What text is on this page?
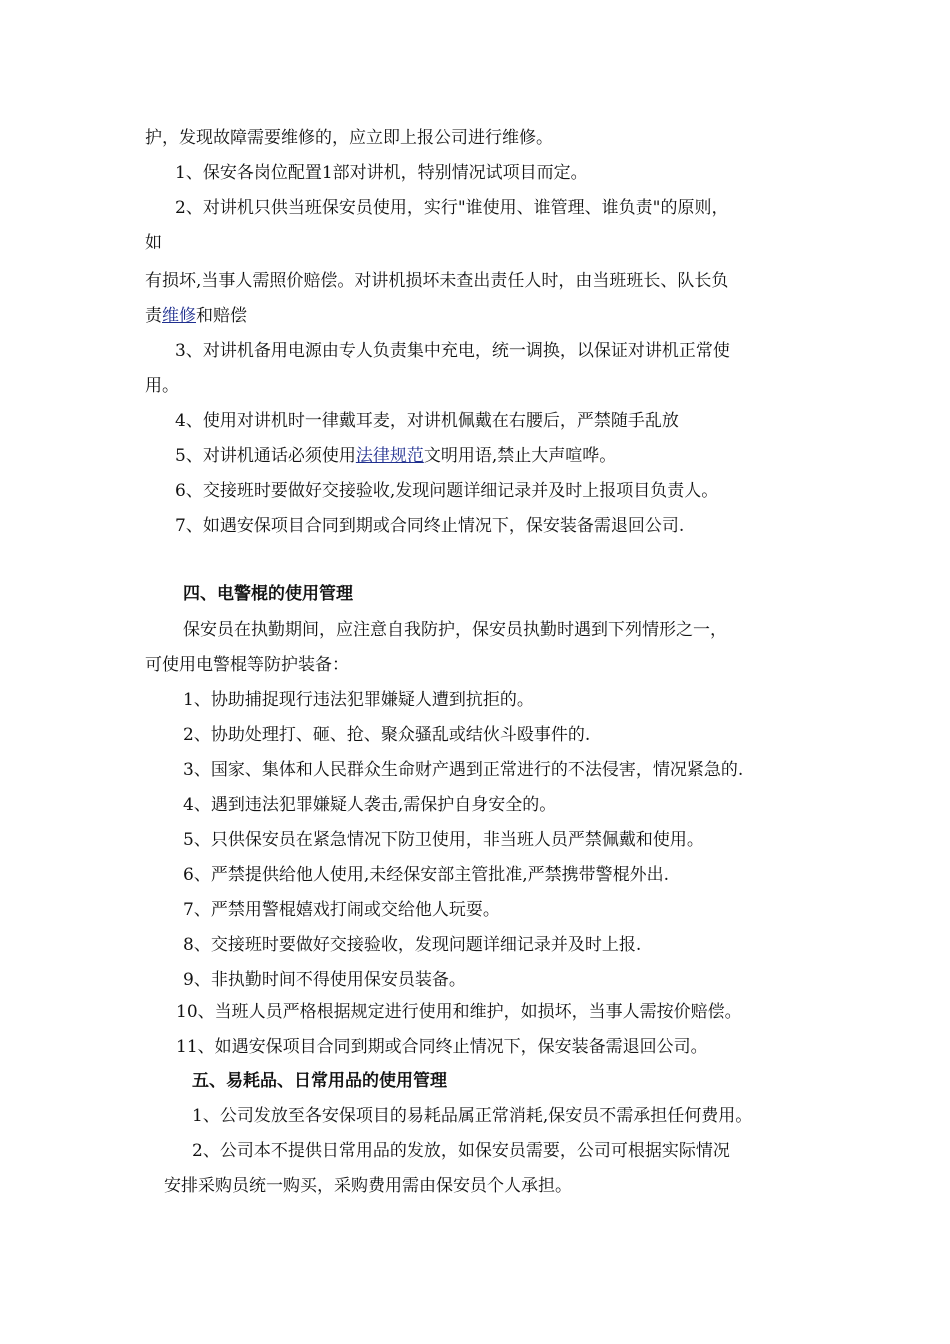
护，发现故障需要维修的，应立即上报公司进行维修。
1、保安各岗位配置1部对讲机，特别情况试项目而定。
2、对讲机只供当班保安员使用，实行"谁使用、谁管理、谁负责"的原则，
如
有损坏,当事人需照价赔偿。对讲机损坏未查出责任人时，由当班班长、队长负
责维修和赔偿
3、对讲机备用电源由专人负责集中充电，统一调换，以保证对讲机正常使
用。
4、使用对讲机时一律戴耳麦，对讲机佩戴在右腰后，严禁随手乱放
5、对讲机通话必须使用法律规范文明用语,禁止大声喧哗。
6、交接班时要做好交接验收,发现问题详细记录并及时上报项目负责人。
7、如遇安保项目合同到期或合同终止情况下，保安装备需退回公司.
四、电警棍的使用管理
保安员在执勤期间，应注意自我防护，保安员执勤时遇到下列情形之一，
可使用电警棍等防护装备：
1、协助捕捉现行违法犯罪嫌疑人遭到抗拒的。
2、协助处理打、砸、抢、聚众骚乱或结伙斗殴事件的.
3、国家、集体和人民群众生命财产遇到正常进行的不法侵害，情况紧急的.
4、遇到违法犯罪嫌疑人袭击,需保护自身安全的。
5、只供保安员在紧急情况下防卫使用，非当班人员严禁佩戴和使用。
6、严禁提供给他人使用,未经保安部主管批准,严禁携带警棍外出.
7、严禁用警棍嬉戏打闹或交给他人玩耍。
8、交接班时要做好交接验收，发现问题详细记录并及时上报.
9、非执勤时间不得使用保安员装备。
10、当班人员严格根据规定进行使用和维护，如损坏，当事人需按价赔偿。
11、如遇安保项目合同到期或合同终止情况下，保安装备需退回公司。
五、易耗品、日常用品的使用管理
1、公司发放至各安保项目的易耗品属正常消耗,保安员不需承担任何费用。
2、公司本不提供日常用品的发放，如保安员需要，公司可根据实际情况
安排采购员统一购买，采购费用需由保安员个人承担。
